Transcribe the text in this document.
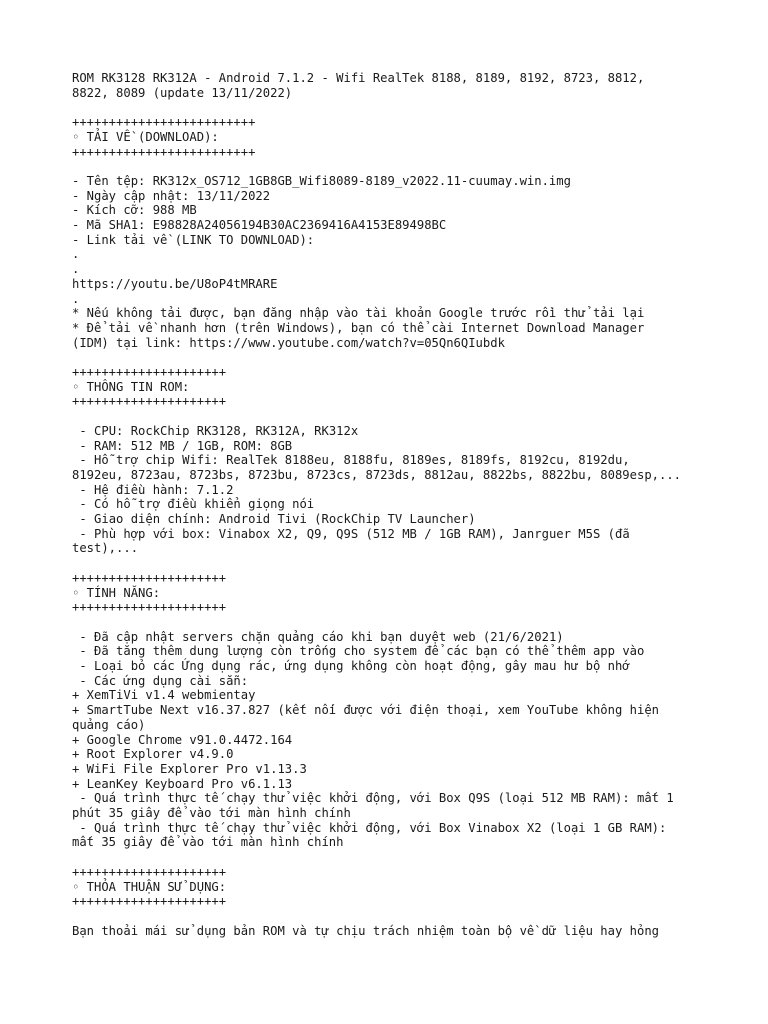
ROM RK3128 RK312A - Android 7.1.2 - Wifi RealTek 8188, 8189, 8192, 8723, 8812,
8822, 8089 (update 13/11/2022)
+++++++++++++++++++++++++
◦ TẢI VỀ (DOWNLOAD):
+++++++++++++++++++++++++
- Tên tệp: RK312x_OS712_1GB8GB_Wifi8089-8189_v2022.11-cuumay.win.img
- Ngày cập nhật: 13/11/2022
- Kích cỡ: 988 MB
- Mã SHA1: E98828A24056194B30AC2369416A4153E89498BC
- Link tải về (LINK TO DOWNLOAD):
.
.
https://youtu.be/U8oP4tMRARE
.
* Nếu không tải được, bạn đăng nhập vào tài khoản Google trước rồi thử tải lại
* Để tải về nhanh hơn (trên Windows), bạn có thể cài Internet Download Manager
(IDM) tại link: https://www.youtube.com/watch?v=05Qn6QIubdk
+++++++++++++++++++++
◦ THÔNG TIN ROM:
+++++++++++++++++++++
- CPU: RockChip RK3128, RK312A, RK312x
- RAM: 512 MB / 1GB, ROM: 8GB
- Hỗ trợ chip Wifi: RealTek 8188eu, 8188fu, 8189es, 8189fs, 8192cu, 8192du,
8192eu, 8723au, 8723bs, 8723bu, 8723cs, 8723ds, 8812au, 8822bs, 8822bu, 8089esp,...
- Hệ điều hành: 7.1.2
- Có hỗ trợ điều khiển giọng nói
- Giao diện chính: Android Tivi (RockChip TV Launcher)
- Phù hợp với box: Vinabox X2, Q9, Q9S (512 MB / 1GB RAM), Janrguer M5S (đã
test),...
+++++++++++++++++++++
◦ TÍNH NĂNG:
+++++++++++++++++++++
- Đã cập nhật servers chặn quảng cáo khi bạn duyệt web (21/6/2021)
- Đã tăng thêm dung lượng còn trống cho system để các bạn có thể thêm app vào
- Loại bỏ các Ứng dụng rác, ứng dụng không còn hoạt động, gây mau hư bộ nhớ
- Các ứng dụng cài sẵn:
+ XemTiVi v1.4 webmientay
+ SmartTube Next v16.37.827 (kết nối được với điện thoại, xem YouTube không hiện
quảng cáo)
+ Google Chrome v91.0.4472.164
+ Root Explorer v4.9.0
+ WiFi File Explorer Pro v1.13.3
+ LeanKey Keyboard Pro v6.1.13
- Quá trình thực tế chạy thử việc khởi động, với Box Q9S (loại 512 MB RAM): mất 1
phút 35 giây để vào tới màn hình chính
- Quá trình thực tế chạy thử việc khởi động, với Box Vinabox X2 (loại 1 GB RAM):
mất 35 giây để vào tới màn hình chính
+++++++++++++++++++++
◦ THỎA THUẬN SỬ DỤNG:
+++++++++++++++++++++
Bạn thoải mái sử dụng bản ROM và tự chịu trách nhiệm toàn bộ về dữ liệu hay hỏng
